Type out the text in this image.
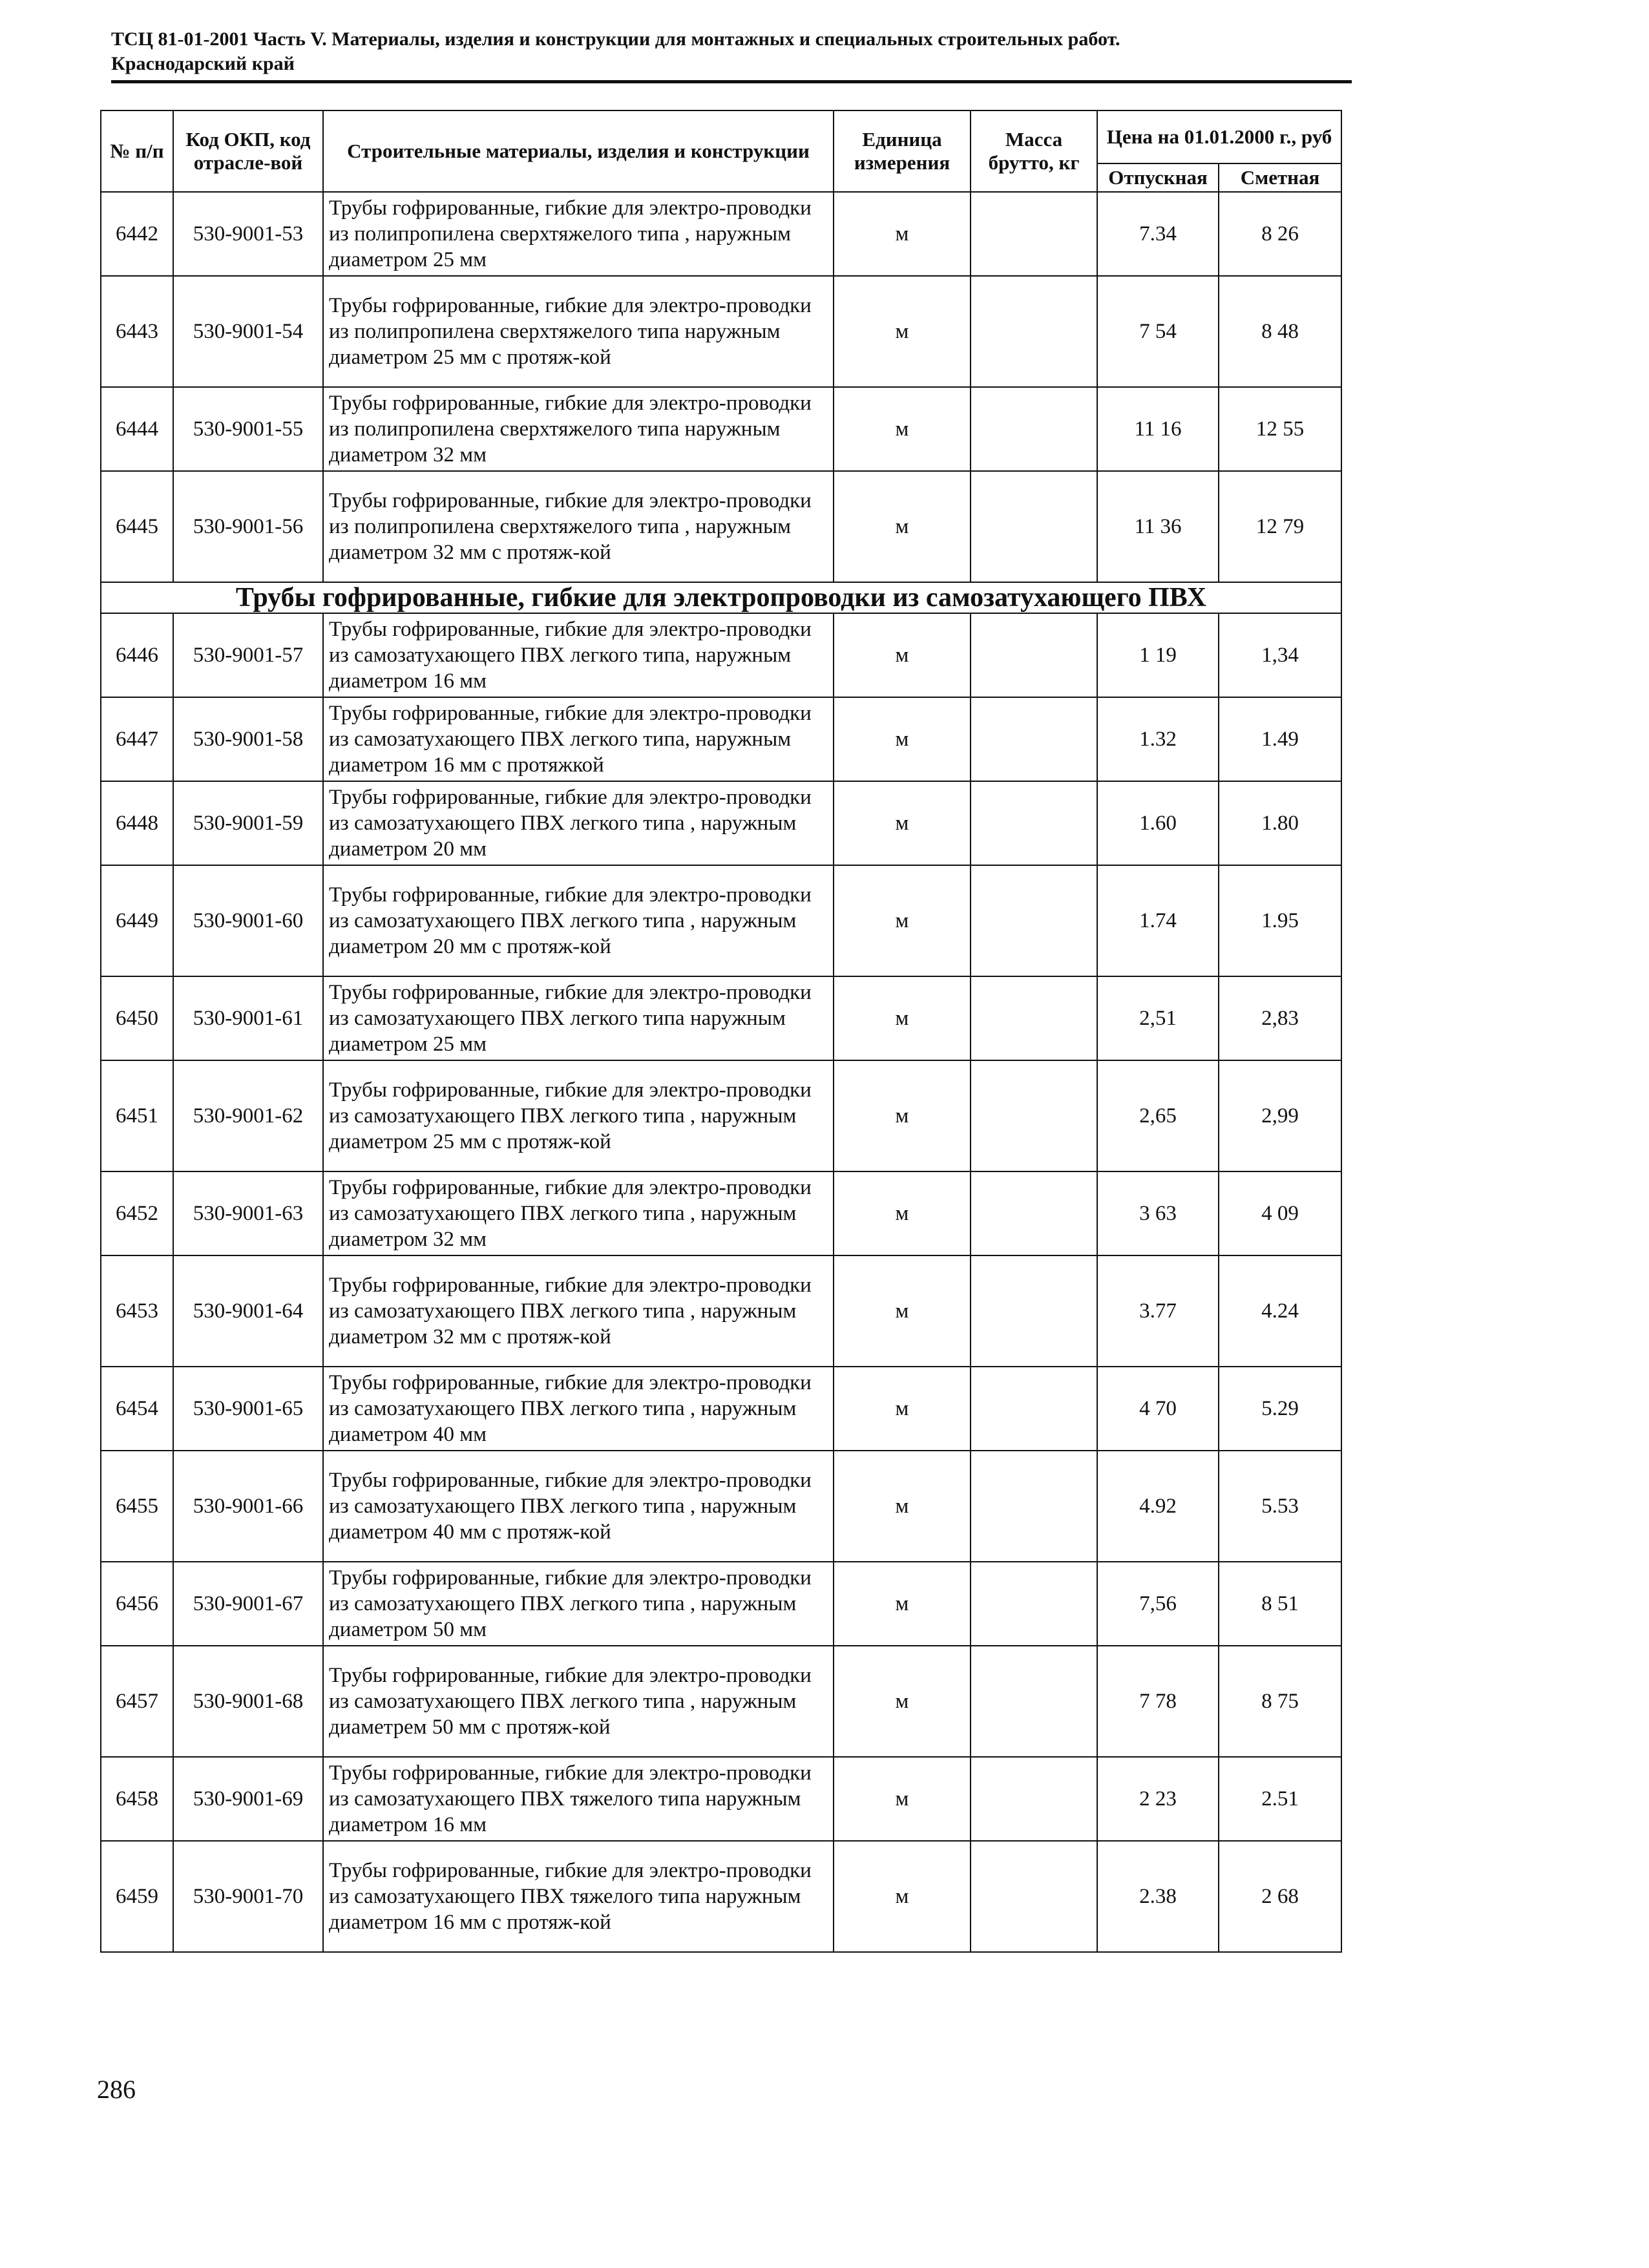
ТСЦ 81-01-2001 Часть V. Материалы, изделия и конструкции для монтажных и специальных строительных работ.
Краснодарский край
№ п/п	Код ОКП, код отрасле-вой	Строительные материалы, изделия и конструкции	Единица измерения	Масса брутто, кг	Цена на 01.01.2000 г., руб	
					Отпускная	Сметная
6442	530-9001-53	Трубы гофрированные, гибкие для электро-проводки из полипропилена сверхтяжелого типа , наружным диаметром 25 мм	м		7.34	8 26
6443	530-9001-54	Трубы гофрированные, гибкие для электро-проводки из полипропилена сверхтяжелого типа наружным диаметром 25 мм с протяж-кой	м		7 54	8 48
6444	530-9001-55	Трубы гофрированные, гибкие для электро-проводки из полипропилена сверхтяжелого типа наружным диаметром 32 мм	м		11 16	12 55
6445	530-9001-56	Трубы гофрированные, гибкие для электро-проводки из полипропилена сверхтяжелого типа , наружным диаметром 32 мм с протяж-кой	м		11 36	12 79
Трубы гофрированные, гибкие для электропроводки из самозатухающего ПВХ						
6446	530-9001-57	Трубы гофрированные, гибкие для электро-проводки из самозатухающего ПВХ легкого типа, наружным диаметром 16 мм	м		1 19	1,34
6447	530-9001-58	Трубы гофрированные, гибкие для электро-проводки из самозатухающего ПВХ легкого типа, наружным диаметром 16 мм с протяжкой	м		1.32	1.49
6448	530-9001-59	Трубы гофрированные, гибкие для электро-проводки из самозатухающего ПВХ легкого типа , наружным диаметром 20 мм	м		1.60	1.80
6449	530-9001-60	Трубы гофрированные, гибкие для электро-проводки из самозатухающего ПВХ легкого типа , наружным диаметром 20 мм с протяж-кой	м		1.74	1.95
6450	530-9001-61	Трубы гофрированные, гибкие для электро-проводки из самозатухающего ПВХ легкого типа наружным диаметром 25 мм	м		2,51	2,83
6451	530-9001-62	Трубы гофрированные, гибкие для электро-проводки из самозатухающего ПВХ легкого типа , наружным диаметром 25 мм с протяж-кой	м		2,65	2,99
6452	530-9001-63	Трубы гофрированные, гибкие для электро-проводки из самозатухающего ПВХ легкого типа , наружным диаметром 32 мм	м		3 63	4 09
6453	530-9001-64	Трубы гофрированные, гибкие для электро-проводки из самозатухающего ПВХ легкого типа , наружным диаметром 32 мм с протяж-кой	м		3.77	4.24
6454	530-9001-65	Трубы гофрированные, гибкие для электро-проводки из самозатухающего ПВХ легкого типа , наружным диаметром 40 мм	м		4 70	5.29
6455	530-9001-66	Трубы гофрированные, гибкие для электро-проводки из самозатухающего ПВХ легкого типа , наружным диаметром 40 мм с протяж-кой	м		4.92	5.53
6456	530-9001-67	Трубы гофрированные, гибкие для электро-проводки из самозатухающего ПВХ легкого типа , наружным диаметром 50 мм	м		7,56	8 51
6457	530-9001-68	Трубы гофрированные, гибкие для электро-проводки из самозатухающего ПВХ легкого типа , наружным диаметрем 50 мм с протяж-кой	м		7 78	8 75
6458	530-9001-69	Трубы гофрированные, гибкие для электро-проводки из самозатухающего ПВХ тяжелого типа наружным диаметром 16 мм	м		2 23	2.51
6459	530-9001-70	Трубы гофрированные, гибкие для электро-проводки из самозатухающего ПВХ тяжелого типа наружным диаметром 16 мм с протяж-кой	м		2.38	2 68
286
